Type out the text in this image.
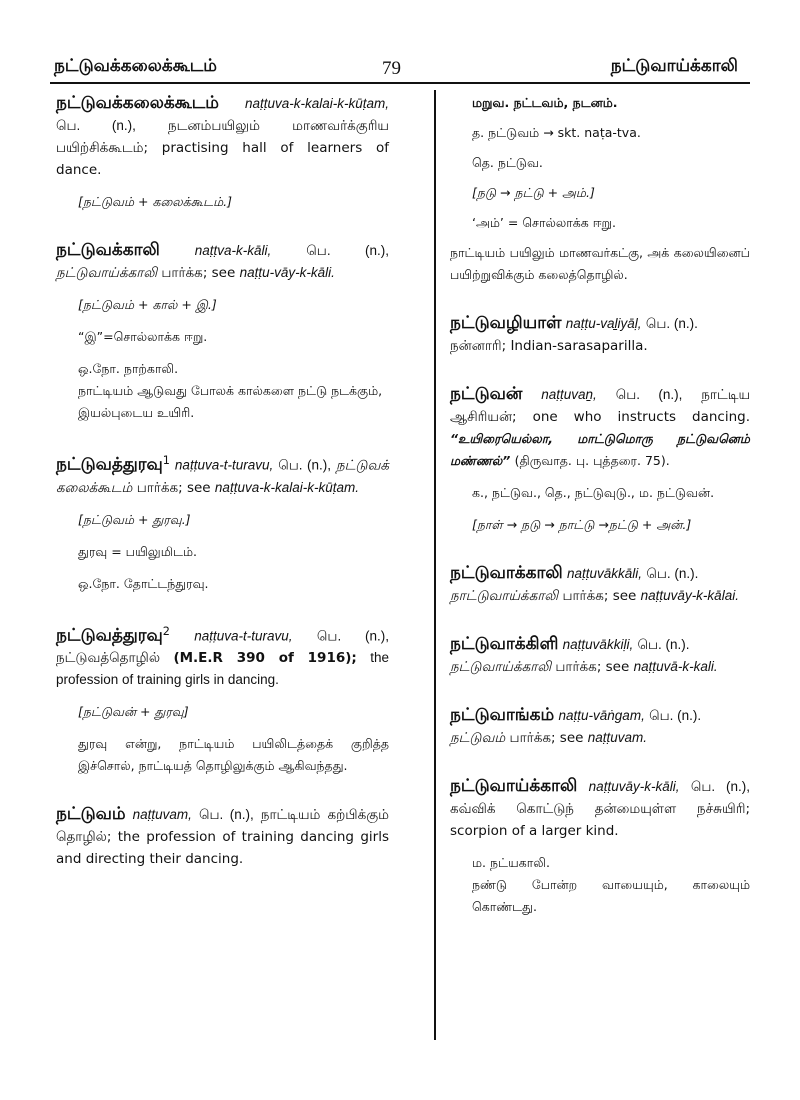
நட்டுவக்கலைக்கூடம்	79	நட்டுவாய்க்காலி

நட்டுவக்கலைக்கூடம் naṭṭuva-k-kalai-k-kūṭam, பெ. (n.), நடனம்பயிலும் மாணவர்க்குரிய பயிற்சிக்கூடம்; practising hall of learners of dance.

[நட்டுவம் + கலைக்கூடம்.]

நட்டுவக்காலி	naṭṭva-k-kāli,	பெ. (n.), நட்டுவாய்க்காலி பார்க்க; see naṭṭu-vāy-k-kāli.

[நட்டுவம் + கால் + இ.]

“இ”=சொல்லாக்க ஈறு.

ஒ.நோ. நாற்காலி.

நாட்டியம் ஆடுவது போலக் கால்களை நட்டு நடக்கும், இயல்புடைய உயிரி.

நட்டுவத்துரவு$^1$ naṭṭuva-t-turavu, பெ. (n.), நட்டுவக் கலைக்கூடம் பார்க்க; see naṭṭuva-k-kalai-k-kūṭam.

[நட்டுவம் + துரவு.]

துரவு = பயிலுமிடம்.

ஒ.நோ. தோட்டந்துரவு.

நட்டுவத்துரவு$^2$ naṭṭuva-t-turavu, பெ. (n.), நட்டுவத்தொழில் (M.E.R 390 of 1916); the profession of training girls in dancing.

[நட்டுவன் + துரவு]

துரவு என்று, நாட்டியம் பயிலிடத்தைக் குறித்த இச்சொல், நாட்டியத் தொழிலுக்கும் ஆகிவந்தது.

நட்டுவம் naṭṭuvam, பெ. (n.), நாட்டியம் கற்பிக்கும் தொழில்; the profession of training dancing girls and directing their dancing.

மறுவ. நட்டவம், நடனம்.

த. நட்டுவம் → skt. naṭa-tva.

தெ. நட்டுவ.

[நடு → நட்டு + அம்.]

‘அம்’ = சொல்லாக்க ஈறு.

நாட்டியம் பயிலும் மாணவர்கட்கு, அக் கலையினைப் பயிற்றுவிக்கும் கலைத்தொழில்.

நட்டுவழியாள் naṭṭu-vaḻiyāḷ, பெ. (n.). நன்னாரி; Indian-sarasaparilla.

நட்டுவன் naṭṭuvaṉ, பெ. (n.), நாட்டிய ஆசிரியன்; one who instructs dancing. “உயிரையெல்லா, மாட்டுமொரு நட்டுவனெம் மண்ணல்” (திருவாத. பு. புத்தரை. 75).

க., நட்டுவ., தெ., நட்டுவுடு., ம. நட்டுவன்.

[நாள் → நடு → நாட்டு →நட்டு + அன்.]

நட்டுவாக்காலி naṭṭuvākkāli, பெ. (n.). நாட்டுவாய்க்காலி பார்க்க; see naṭṭuvāy-k-kālai.

நட்டுவாக்கிளி naṭṭuvākkiḷi, பெ. (n.). நட்டுவாய்க்காலி பார்க்க; see naṭṭuvā-k-kali.

நட்டுவாங்கம் naṭṭu-vāṅgam, பெ. (n.). நட்டுவம் பார்க்க; see naṭṭuvam.

நட்டுவாய்க்காலி naṭṭuvāy-k-kāli, பெ. (n.), கவ்விக் கொட்டுந் தன்மையுள்ள நச்சுயிரி; scorpion of a larger kind.

ம. நட்யகாலி.

நண்டு போன்ற வாயையும், காலையும் கொண்டது.
